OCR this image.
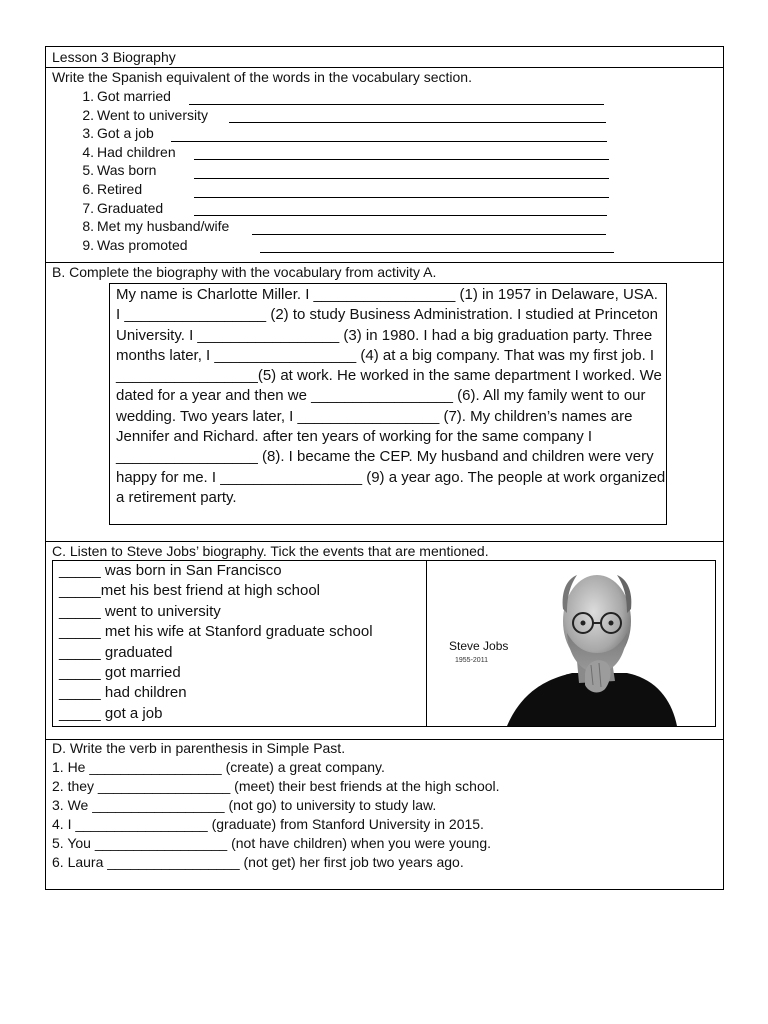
Lesson 3 Biography
Write the Spanish equivalent of the words in the vocabulary section.
1. Got married
2. Went to university
3. Got a job
4. Had children
5. Was born
6. Retired
7. Graduated
8. Met my husband/wife
9. Was promoted
B. Complete the biography with the vocabulary from activity A.

My name is Charlotte Miller. I _________________ (1) in 1957 in Delaware, USA. I _________________ (2) to study Business Administration. I studied at Princeton University. I _________________ (3) in 1980. I had a big graduation party. Three months later, I _________________ (4) at a big company. That was my first job. I _________________(5) at work. He worked in the same department I worked. We dated for a year and then we _________________ (6). All my family went to our wedding. Two years later, I _________________ (7). My children’s names are Jennifer and Richard. after ten years of working for the same company I _________________ (8). I became the CEP. My husband and children were very happy for me. I _________________ (9) a year ago. The people at work organized a retirement party.

C. Listen to Steve Jobs’ biography. Tick the events that are mentioned.
_____ was born in San Francisco
_____met his best friend at high school
_____ went to university
_____ met his wife at Stanford graduate school
_____ graduated
_____ got married
_____ had children
_____ got a job
Steve Jobs
1955-2011
D. Write the verb in parenthesis in Simple Past.
1. He _________________ (create) a great company.
2. they _________________ (meet) their best friends at the high school.
3. We _________________ (not go) to university to study law.
4. I _________________ (graduate) from Stanford University in 2015.
5. You _________________ (not have children) when you were young.
6. Laura _________________ (not get) her first job two years ago.
